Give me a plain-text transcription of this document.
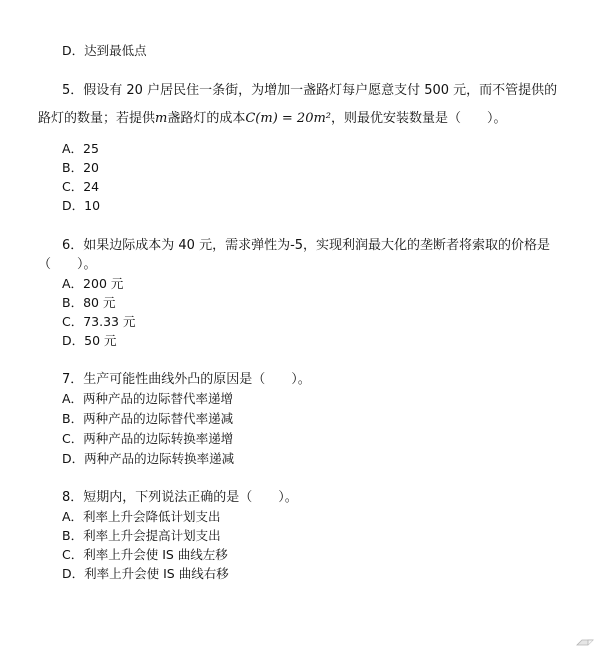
D．达到最低点
5．假设有 20 户居民住一条街，为增加一盏路灯每户愿意支付 500 元，而不管提供的
路灯的数量；若提供m盏路灯的成本C(m) = 20m²，则最优安装数量是（　　）。
A．25
B．20
C．24
D．10
6．如果边际成本为 40 元，需求弹性为-5，实现利润最大化的垄断者将索取的价格是
（　　）。
A．200 元
B．80 元
C．73.33 元
D．50 元
7．生产可能性曲线外凸的原因是（　　）。
A．两种产品的边际替代率递增
B．两种产品的边际替代率递减
C．两种产品的边际转换率递增
D．两种产品的边际转换率递减
8．短期内，下列说法正确的是（　　）。
A．利率上升会降低计划支出
B．利率上升会提高计划支出
C．利率上升会使 IS 曲线左移
D．利率上升会使 IS 曲线右移
